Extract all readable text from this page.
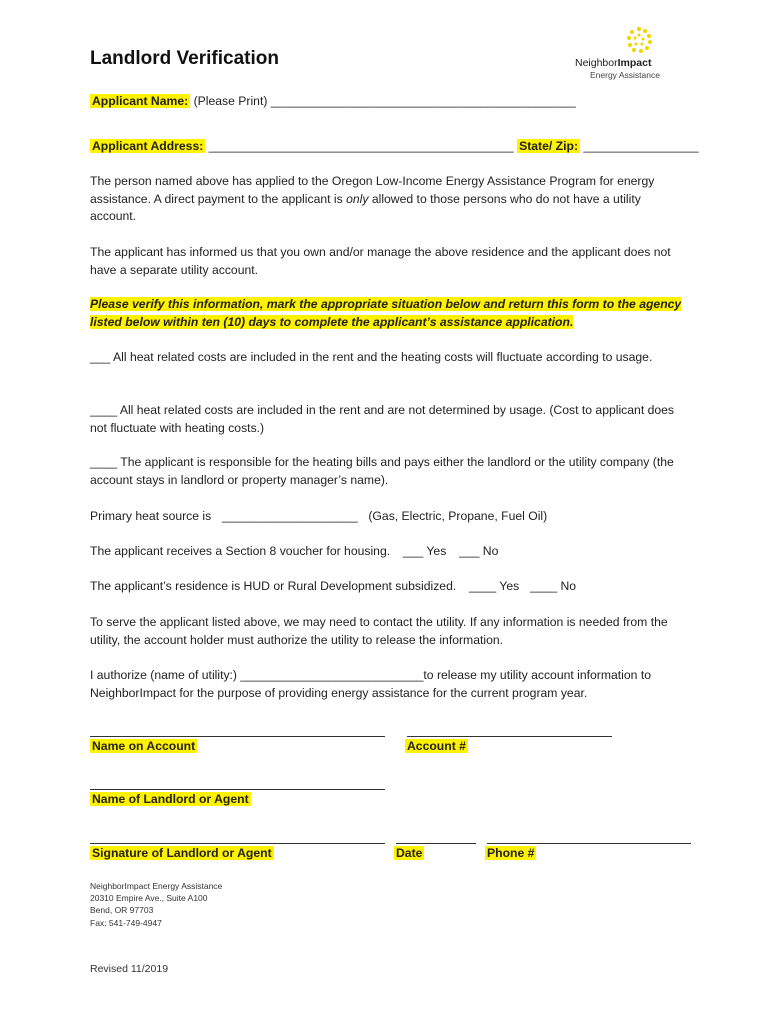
Landlord Verification	NeighborImpact
Energy Assistance
Applicant Name: (Please Print) _____________________________________________
Applicant Address: _____________________________________________ State/ Zip: _________________
The person named above has applied to the Oregon Low-Income Energy Assistance Program for energy assistance. A direct payment to the applicant is only allowed to those persons who do not have a utility account.
The applicant has informed us that you own and/or manage the above residence and the applicant does not have a separate utility account.
Please verify this information, mark the appropriate situation below and return this form to the agency listed below within ten (10) days to complete the applicant’s assistance application.
___ All heat related costs are included in the rent and the heating costs will fluctuate according to usage.
____ All heat related costs are included in the rent and are not determined by usage. (Cost to applicant does not fluctuate with heating costs.)
____ The applicant is responsible for the heating bills and pays either the landlord or the utility company (the account stays in landlord or property manager’s name).
Primary heat source is ____________________ (Gas, Electric, Propane, Fuel Oil)
The applicant receives a Section 8 voucher for housing. ___ Yes ___ No
The applicant’s residence is HUD or Rural Development subsidized. ____ Yes ____ No
To serve the applicant listed above, we may need to contact the utility. If any information is needed from the utility, the account holder must authorize the utility to release the information.
I authorize (name of utility:) ___________________________to release my utility account information to NeighborImpact for the purpose of providing energy assistance for the current program year.
Name on Account	Account #
Name of Landlord or Agent
Signature of Landlord or Agent	Date	Phone #
NeighborImpact Energy Assistance
20310 Empire Ave., Suite A100
Bend, OR 97703
Fax: 541-749-4947
Revised 11/2019
